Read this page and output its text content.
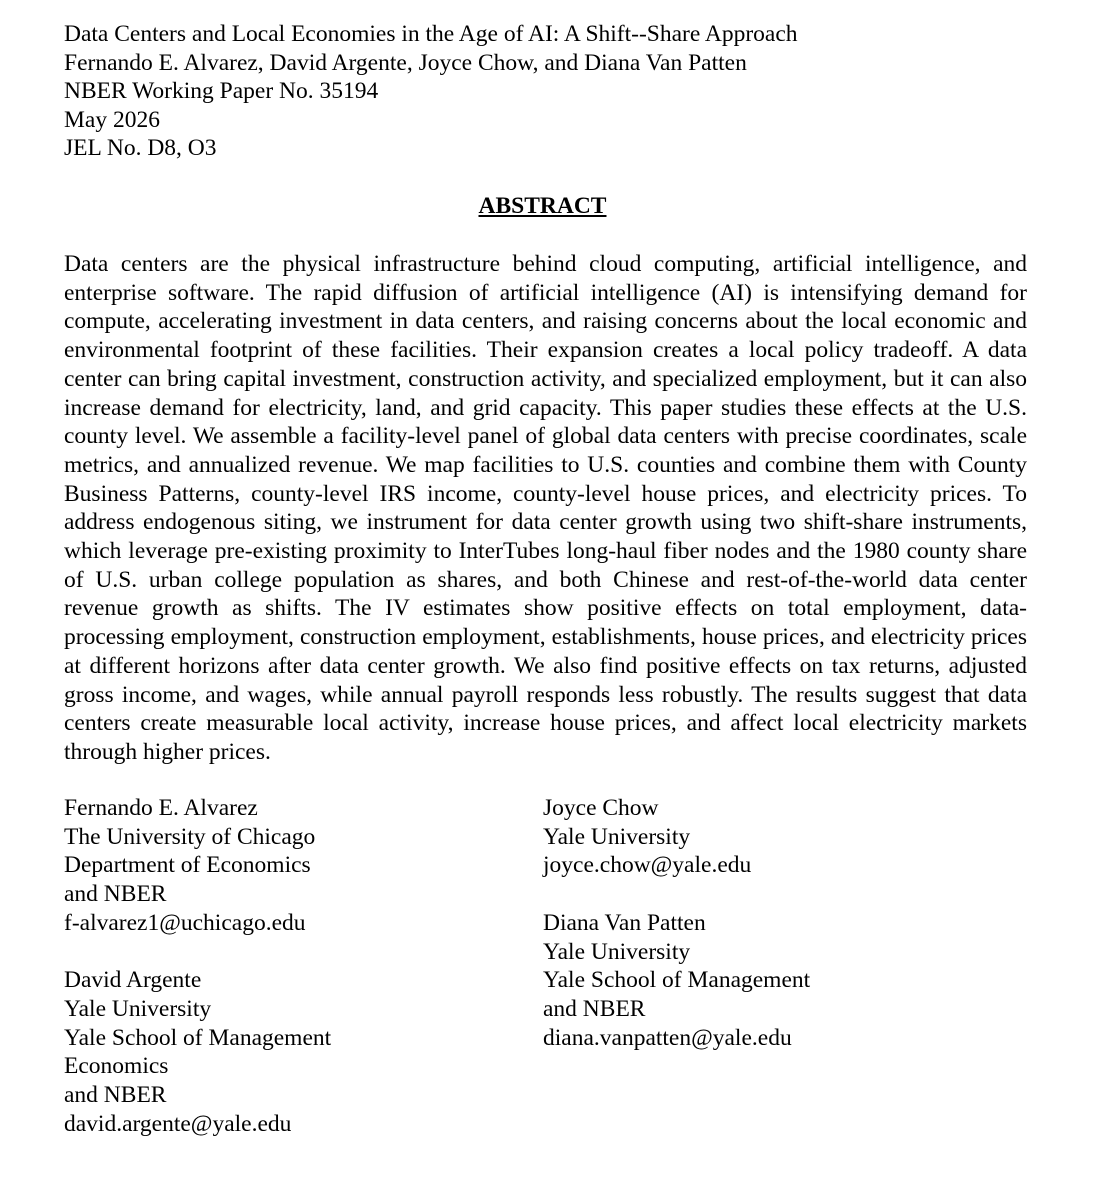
Data Centers and Local Economies in the Age of AI: A Shift--Share Approach
Fernando E. Alvarez, David Argente, Joyce Chow, and Diana Van Patten
NBER Working Paper No. 35194
May 2026
JEL No. D8, O3
ABSTRACT

Data centers are the physical infrastructure behind cloud computing, artificial intelligence, and enterprise software. The rapid diffusion of artificial intelligence (AI) is intensifying demand for compute, accelerating investment in data centers, and raising concerns about the local economic and environmental footprint of these facilities. Their expansion creates a local policy tradeoff. A data center can bring capital investment, construction activity, and specialized employment, but it can also increase demand for electricity, land, and grid capacity. This paper studies these effects at the U.S. county level. We assemble a facility-level panel of global data centers with precise coordinates, scale metrics, and annualized revenue. We map facilities to U.S. counties and combine them with County Business Patterns, county-level IRS income, county-level house prices, and electricity prices. To address endogenous siting, we instrument for data center growth using two shift-share instruments, which leverage pre-existing proximity to InterTubes long-haul fiber nodes and the 1980 county share of U.S. urban college population as shares, and both Chinese and rest-of-the-world data center revenue growth as shifts. The IV estimates show positive effects on total employment, data-processing employment, construction employment, establishments, house prices, and electricity prices at different horizons after data center growth. We also find positive effects on tax returns, adjusted gross income, and wages, while annual payroll responds less robustly. The results suggest that data centers create measurable local activity, increase house prices, and affect local electricity markets through higher prices.

Fernando E. Alvarez
The University of Chicago
Department of Economics
and NBER
f-alvarez1@uchicago.edu
David Argente
Yale University
Yale School of Management
Economics
and NBER
david.argente@yale.edu
Joyce Chow
Yale University
joyce.chow@yale.edu
Diana Van Patten
Yale University
Yale School of Management
and NBER
diana.vanpatten@yale.edu
